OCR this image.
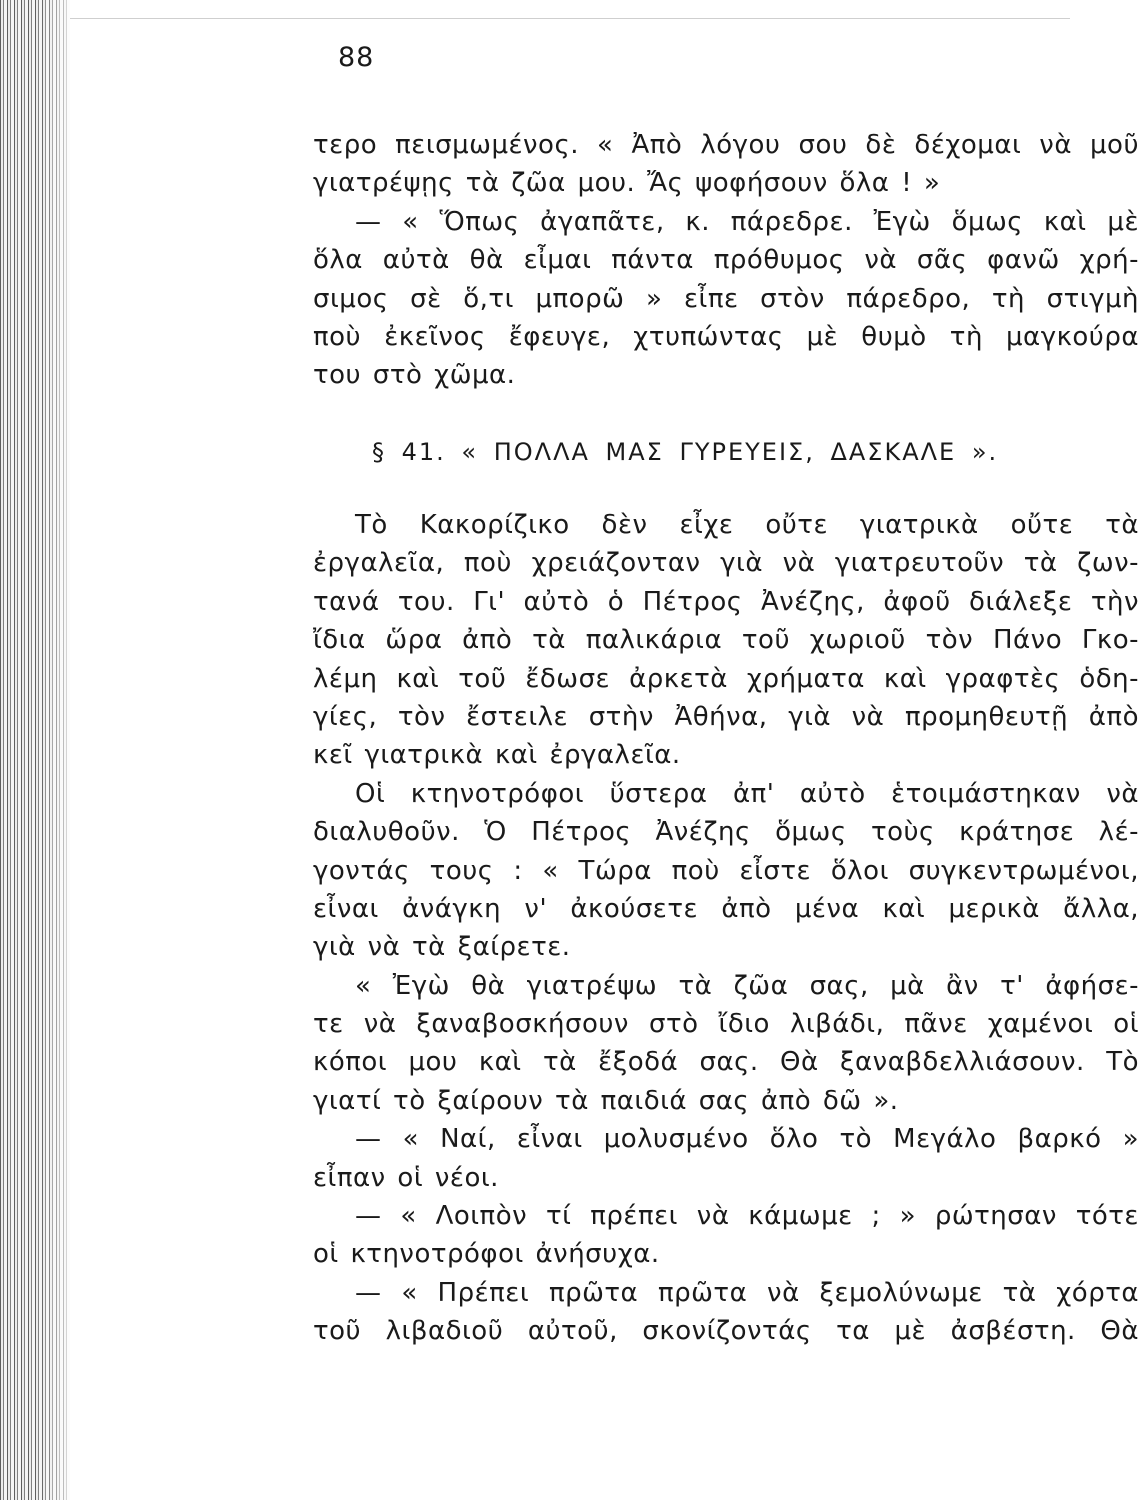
88
τερο πεισμωμένος. « Ἀπὸ λόγου σου δὲ δέχομαι νὰ μοῦ
γιατρέψῃς τὰ ζῶα μου. Ἄς ψοφήσουν ὅλα ! »
— « Ὅπως ἀγαπᾶτε, κ. πάρεδρε. Ἐγὼ ὅμως καὶ μὲ
ὅλα αὐτὰ θὰ εἶμαι πάντα πρόθυμος νὰ σᾶς φανῶ χρή-
σιμος σὲ ὅ,τι μπορῶ » εἶπε στὸν πάρεδρο, τὴ στιγμὴ
ποὺ ἐκεῖνος ἔφευγε, χτυπώντας μὲ θυμὸ τὴ μαγκούρα
του στὸ χῶμα.
§ 41. « ΠΟΛΛΑ ΜΑΣ ΓΥΡΕΥΕΙΣ, ΔΑΣΚΑΛΕ ».
Τὸ Κακορίζικο δὲν εἶχε οὔτε γιατρικὰ οὔτε τὰ
ἐργαλεῖα, ποὺ χρειάζονταν γιὰ νὰ γιατρευτοῦν τὰ ζων-
τανά του. Γι' αὐτὸ ὁ Πέτρος Ἀνέζης, ἀφοῦ διάλεξε τὴν
ἴδια ὥρα ἀπὸ τὰ παλικάρια τοῦ χωριοῦ τὸν Πάνο Γκο-
λέμη καὶ τοῦ ἔδωσε ἀρκετὰ χρήματα καὶ γραφτὲς ὁδη-
γίες, τὸν ἔστειλε στὴν Ἀθήνα, γιὰ νὰ προμηθευτῇ ἀπὸ
κεῖ γιατρικὰ καὶ ἐργαλεῖα.
Οἱ κτηνοτρόφοι ὕστερα ἀπ' αὐτὸ ἑτοιμάστηκαν νὰ
διαλυθοῦν. Ὁ Πέτρος Ἀνέζης ὅμως τοὺς κράτησε λέ-
γοντάς τους : « Τώρα ποὺ εἶστε ὅλοι συγκεντρωμένοι,
εἶναι ἀνάγκη ν' ἀκούσετε ἀπὸ μένα καὶ μερικὰ ἄλλα,
γιὰ νὰ τὰ ξαίρετε.
« Ἐγὼ θὰ γιατρέψω τὰ ζῶα σας, μὰ ἂν τ' ἀφήσε-
τε νὰ ξαναβοσκήσουν στὸ ἴδιο λιβάδι, πᾶνε χαμένοι οἱ
κόποι μου καὶ τὰ ἔξοδά σας. Θὰ ξαναβδελλιάσουν. Τὸ
γιατί τὸ ξαίρουν τὰ παιδιά σας ἀπὸ δῶ ».
— « Ναί, εἶναι μολυσμένο ὅλο τὸ Μεγάλο βαρκό »
εἶπαν οἱ νέοι.
— « Λοιπὸν τί πρέπει νὰ κάμωμε ; » ρώτησαν τότε
οἱ κτηνοτρόφοι ἀνήσυχα.
— « Πρέπει πρῶτα πρῶτα νὰ ξεμολύνωμε τὰ χόρτα
τοῦ λιβαδιοῦ αὐτοῦ, σκονίζοντάς τα μὲ ἀσβέστη. Θὰ
